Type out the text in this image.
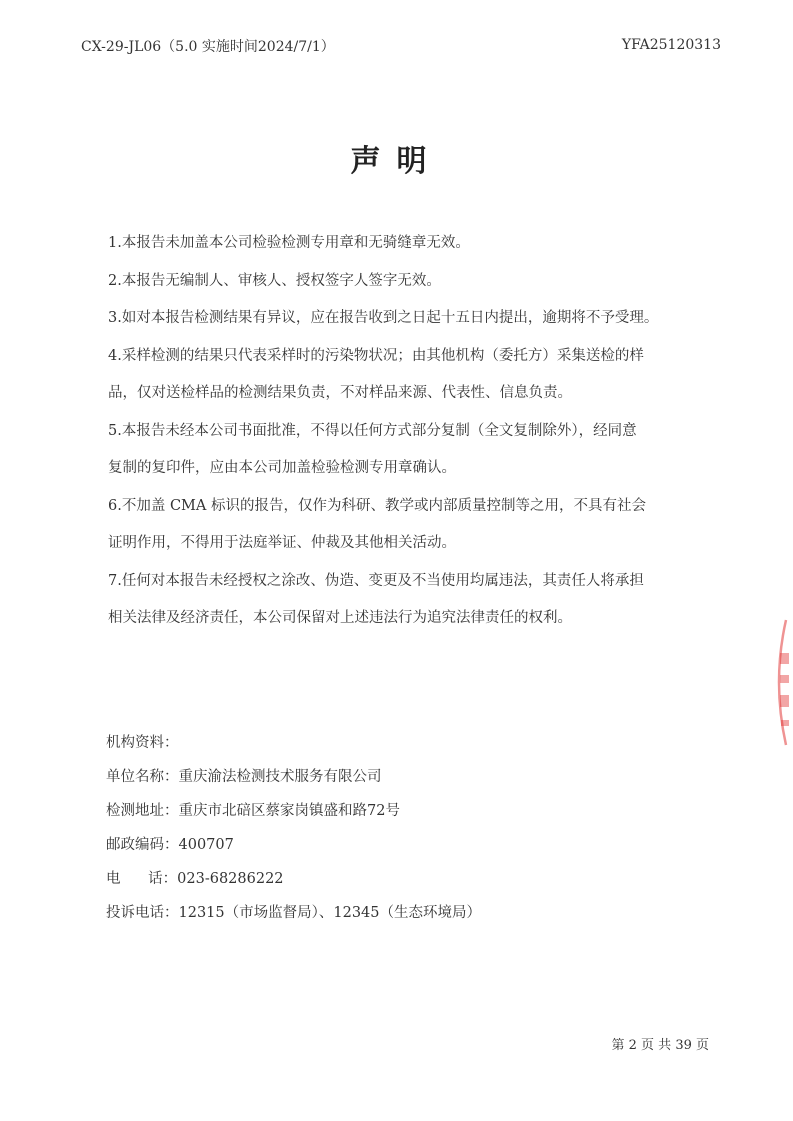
CX-29-JL06（5.0 实施时间2024/7/1）	YFA25120313
声明
1.本报告未加盖本公司检验检测专用章和无骑缝章无效。
2.本报告无编制人、审核人、授权签字人签字无效。
3.如对本报告检测结果有异议，应在报告收到之日起十五日内提出，逾期将不予受理。
4.采样检测的结果只代表采样时的污染物状况；由其他机构（委托方）采集送检的样
品，仅对送检样品的检测结果负责，不对样品来源、代表性、信息负责。
5.本报告未经本公司书面批准，不得以任何方式部分复制（全文复制除外），经同意
复制的复印件，应由本公司加盖检验检测专用章确认。
6.不加盖 CMA 标识的报告，仅作为科研、教学或内部质量控制等之用，不具有社会
证明作用，不得用于法庭举证、仲裁及其他相关活动。
7.任何对本报告未经授权之涂改、伪造、变更及不当使用均属违法，其责任人将承担
相关法律及经济责任，本公司保留对上述违法行为追究法律责任的权利。
机构资料：
单位名称：重庆渝法检测技术服务有限公司
检测地址：重庆市北碚区蔡家岗镇盛和路72号
邮政编码：400707
电      话：023-68286222
投诉电话：12315（市场监督局）、12345（生态环境局）
第 2 页 共 39 页
